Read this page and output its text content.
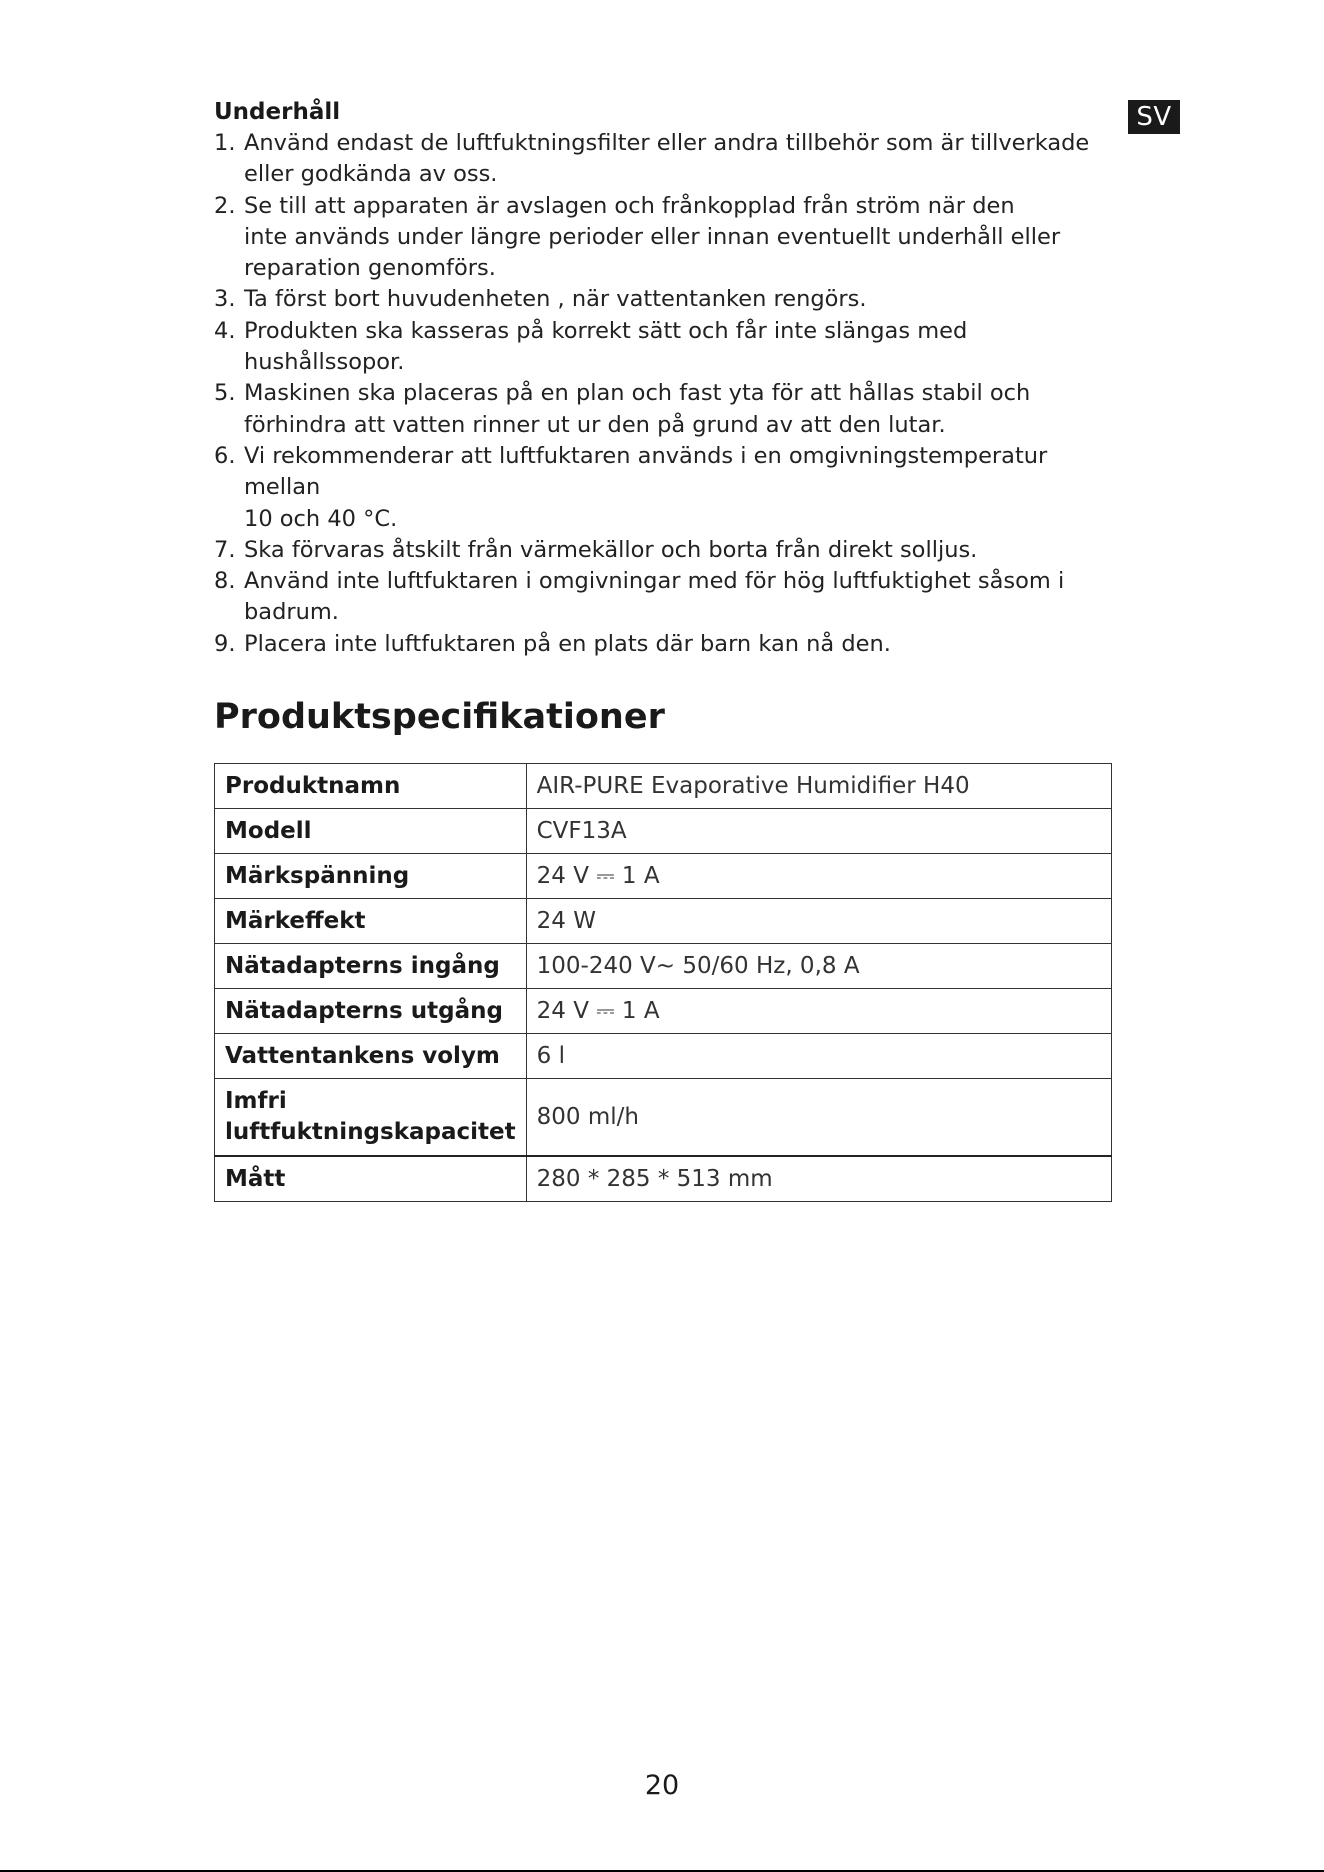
SV
Underhåll
1. Använd endast de luftfuktningsfilter eller andra tillbehör som är tillverkade
eller godkända av oss.
2. Se till att apparaten är avslagen och frånkopplad från ström när den
inte används under längre perioder eller innan eventuellt underhåll eller
reparation genomförs.
3. Ta först bort huvudenheten , när vattentanken rengörs.
4. Produkten ska kasseras på korrekt sätt och får inte slängas med
hushållssopor.
5. Maskinen ska placeras på en plan och fast yta för att hållas stabil och
förhindra att vatten rinner ut ur den på grund av att den lutar.
6. Vi rekommenderar att luftfuktaren används i en omgivningstemperatur mellan
10 och 40 °C.
7. Ska förvaras åtskilt från värmekällor och borta från direkt solljus.
8. Använd inte luftfuktaren i omgivningar med för hög luftfuktighet såsom i
badrum.
9. Placera inte luftfuktaren på en plats där barn kan nå den.
Produktspecifikationer
Produktnamn	AIR-PURE Evaporative Humidifier H40
Modell	CVF13A
Märkspänning	24 V ⎓ 1 A
Märkeffekt	24 W
Nätadapterns ingång	100-240 V~ 50/60 Hz, 0,8 A
Nätadapterns utgång	24 V ⎓ 1 A
Vattentankens volym	6 l
Imfri
luftfuktningskapacitet	800 ml/h
Mått	280 * 285 * 513 mm
20
